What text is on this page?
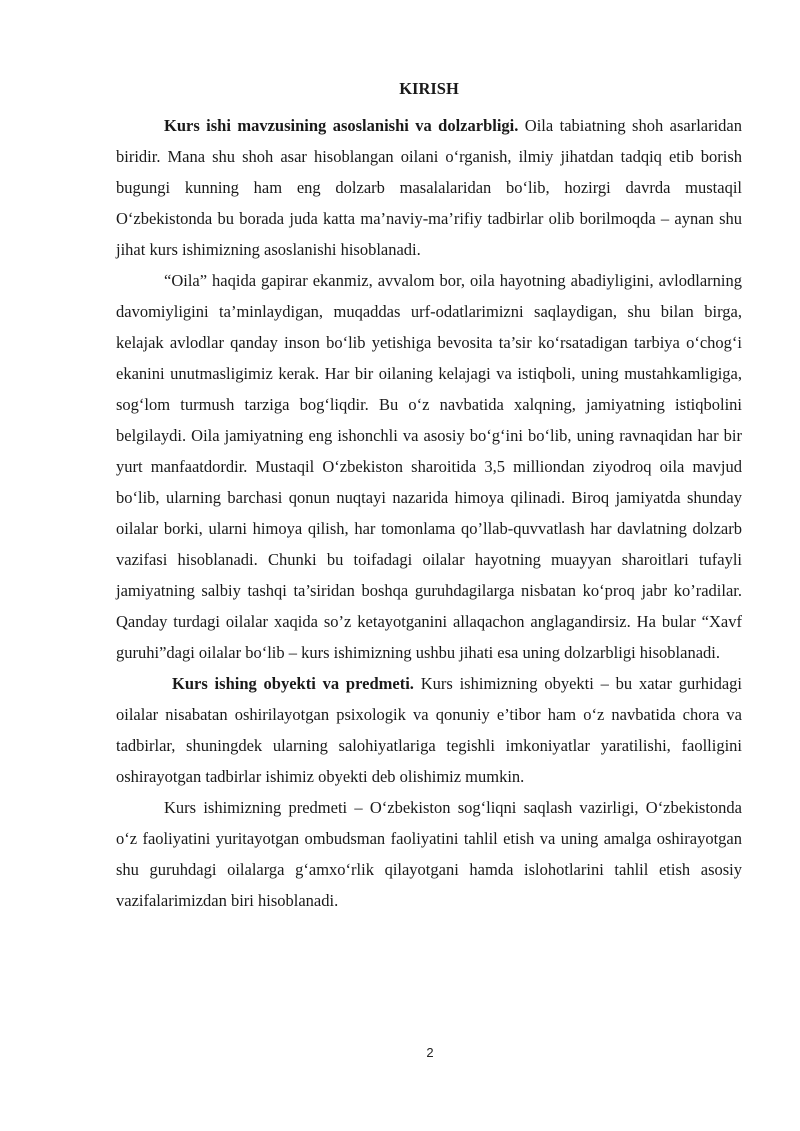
KIRISH

Kurs ishi mavzusining asoslanishi va dolzarbligi. Oila tabiatning shoh asarlaridan biridir. Mana shu shoh asar hisoblangan oilani o‘rganish, ilmiy jihatdan tadqiq etib borish bugungi kunning ham eng dolzarb masalalaridan bo‘lib, hozirgi davrda mustaqil O‘zbekistonda bu borada juda katta ma’naviy-ma’rifiy tadbirlar olib borilmoqda – aynan shu jihat kurs ishimizning asoslanishi hisoblanadi.

“Oila” haqida gapirar ekanmiz, avvalom bor, oila hayotning abadiyligini, avlodlarning davomiyligini ta’minlaydigan, muqaddas urf-odatlarimizni saqlaydigan, shu bilan birga, kelajak avlodlar qanday inson bo‘lib yetishiga bevosita ta’sir ko‘rsatadigan tarbiya o‘chog‘i ekanini unutmasligimiz kerak. Har bir oilaning kelajagi va istiqboli, uning mustahkamligiga, sog‘lom turmush tarziga bog‘liqdir. Bu o‘z navbatida xalqning, jamiyatning istiqbolini belgilaydi. Oila jamiyatning eng ishonchli va asosiy bo‘g‘ini bo‘lib, uning ravnaqidan har bir yurt manfaatdordir. Mustaqil O‘zbekiston sharoitida 3,5 milliondan ziyodroq oila mavjud bo‘lib, ularning barchasi qonun nuqtayi nazarida himoya qilinadi. Biroq jamiyatda shunday oilalar borki, ularni himoya qilish, har tomonlama qo’llab-quvvatlash har davlatning dolzarb vazifasi hisoblanadi. Chunki bu toifadagi oilalar hayotning muayyan sharoitlari tufayli jamiyatning salbiy tashqi ta’siridan boshqa guruhdagilarga nisbatan ko‘proq jabr ko’radilar. Qanday turdagi oilalar xaqida so’z ketayotganini allaqachon anglagandirsiz. Ha bular “Xavf guruhi”dagi oilalar bo‘lib – kurs ishimizning ushbu jihati esa uning dolzarbligi hisoblanadi.

Kurs ishing obyekti va predmeti. Kurs ishimizning obyekti – bu xatar gurhidagi oilalar nisabatan oshirilayotgan psixologik va qonuniy e’tibor ham o‘z navbatida chora va tadbirlar, shuningdek ularning salohiyatlariga tegishli imkoniyatlar yaratilishi, faolligini oshirayotgan tadbirlar ishimiz obyekti deb olishimiz mumkin.

Kurs ishimizning predmeti – O‘zbekiston sog‘liqni saqlash vazirligi, O‘zbekistonda o‘z faoliyatini yuritayotgan ombudsman faoliyatini tahlil etish va uning amalga oshirayotgan shu guruhdagi oilalarga g‘amxo‘rlik qilayotgani hamda islohotlarini tahlil etish asosiy vazifalarimizdan biri hisoblanadi.

2
